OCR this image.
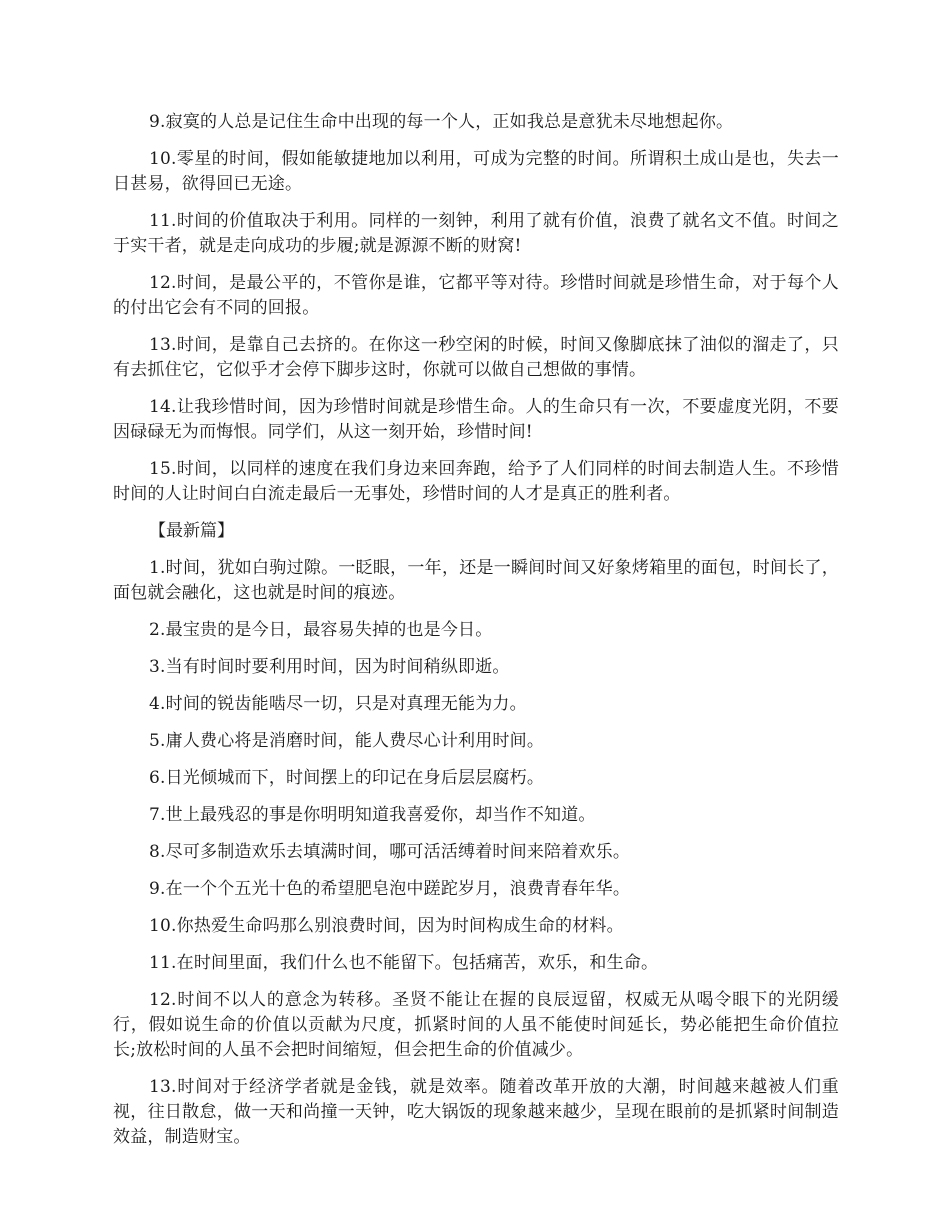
9.寂寞的人总是记住生命中出现的每一个人，正如我总是意犹未尽地想起你。

10.零星的时间，假如能敏捷地加以利用，可成为完整的时间。所谓积土成山是也，失去一日甚易，欲得回已无途。

11.时间的价值取决于利用。同样的一刻钟，利用了就有价值，浪费了就名文不值。时间之于实干者，就是走向成功的步履;就是源源不断的财窝!

12.时间，是最公平的，不管你是谁，它都平等对待。珍惜时间就是珍惜生命，对于每个人的付出它会有不同的回报。

13.时间，是靠自己去挤的。在你这一秒空闲的时候，时间又像脚底抹了油似的溜走了，只有去抓住它，它似乎才会停下脚步这时，你就可以做自己想做的事情。

14.让我珍惜时间，因为珍惜时间就是珍惜生命。人的生命只有一次，不要虚度光阴，不要因碌碌无为而悔恨。同学们，从这一刻开始，珍惜时间!

15.时间，以同样的速度在我们身边来回奔跑，给予了人们同样的时间去制造人生。不珍惜时间的人让时间白白流走最后一无事处，珍惜时间的人才是真正的胜利者。

【最新篇】

1.时间，犹如白驹过隙。一眨眼，一年，还是一瞬间时间又好象烤箱里的面包，时间长了，面包就会融化，这也就是时间的痕迹。

2.最宝贵的是今日，最容易失掉的也是今日。

3.当有时间时要利用时间，因为时间稍纵即逝。

4.时间的锐齿能啮尽一切，只是对真理无能为力。

5.庸人费心将是消磨时间，能人费尽心计利用时间。

6.日光倾城而下，时间摆上的印记在身后层层腐朽。

7.世上最残忍的事是你明明知道我喜爱你，却当作不知道。

8.尽可多制造欢乐去填满时间，哪可活活缚着时间来陪着欢乐。

9.在一个个五光十色的希望肥皂泡中蹉跎岁月，浪费青春年华。

10.你热爱生命吗那么别浪费时间，因为时间构成生命的材料。

11.在时间里面，我们什么也不能留下。包括痛苦，欢乐，和生命。

12.时间不以人的意念为转移。圣贤不能让在握的良辰逗留，权威无从喝令眼下的光阴缓行，假如说生命的价值以贡献为尺度，抓紧时间的人虽不能使时间延长，势必能把生命价值拉长;放松时间的人虽不会把时间缩短，但会把生命的价值减少。

13.时间对于经济学者就是金钱，就是效率。随着改革开放的大潮，时间越来越被人们重视，往日散怠，做一天和尚撞一天钟，吃大锅饭的现象越来越少，呈现在眼前的是抓紧时间制造效益，制造财宝。
